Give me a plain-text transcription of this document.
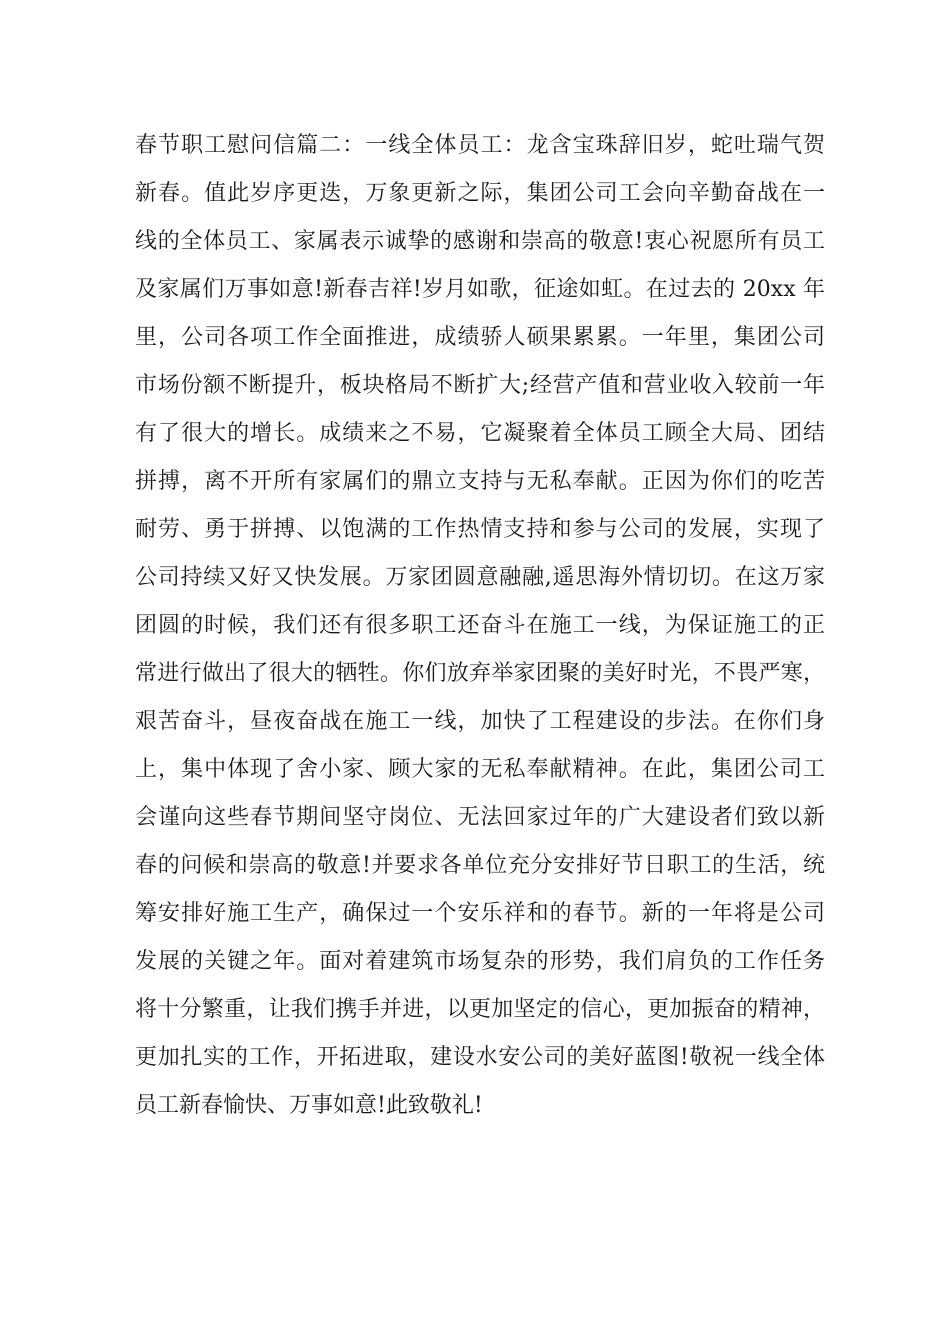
春节职工慰问信篇二：一线全体员工：龙含宝珠辞旧岁，蛇吐瑞气贺
新春。值此岁序更迭，万象更新之际，集团公司工会向辛勤奋战在一
线的全体员工、家属表示诚挚的感谢和崇高的敬意!衷心祝愿所有员工
及家属们万事如意!新春吉祥!岁月如歌，征途如虹。在过去的 20xx 年
里，公司各项工作全面推进，成绩骄人硕果累累。一年里，集团公司
市场份额不断提升，板块格局不断扩大;经营产值和营业收入较前一年
有了很大的增长。成绩来之不易，它凝聚着全体员工顾全大局、团结
拼搏，离不开所有家属们的鼎立支持与无私奉献。正因为你们的吃苦
耐劳、勇于拼搏、以饱满的工作热情支持和参与公司的发展，实现了
公司持续又好又快发展。万家团圆意融融,遥思海外情切切。在这万家
团圆的时候，我们还有很多职工还奋斗在施工一线，为保证施工的正
常进行做出了很大的牺牲。你们放弃举家团聚的美好时光，不畏严寒，
艰苦奋斗，昼夜奋战在施工一线，加快了工程建设的步法。在你们身
上，集中体现了舍小家、顾大家的无私奉献精神。在此，集团公司工
会谨向这些春节期间坚守岗位、无法回家过年的广大建设者们致以新
春的问候和崇高的敬意!并要求各单位充分安排好节日职工的生活，统
筹安排好施工生产，确保过一个安乐祥和的春节。新的一年将是公司
发展的关键之年。面对着建筑市场复杂的形势，我们肩负的工作任务
将十分繁重，让我们携手并进，以更加坚定的信心，更加振奋的精神，
更加扎实的工作，开拓进取，建设水安公司的美好蓝图!敬祝一线全体
员工新春愉快、万事如意!此致敬礼!
